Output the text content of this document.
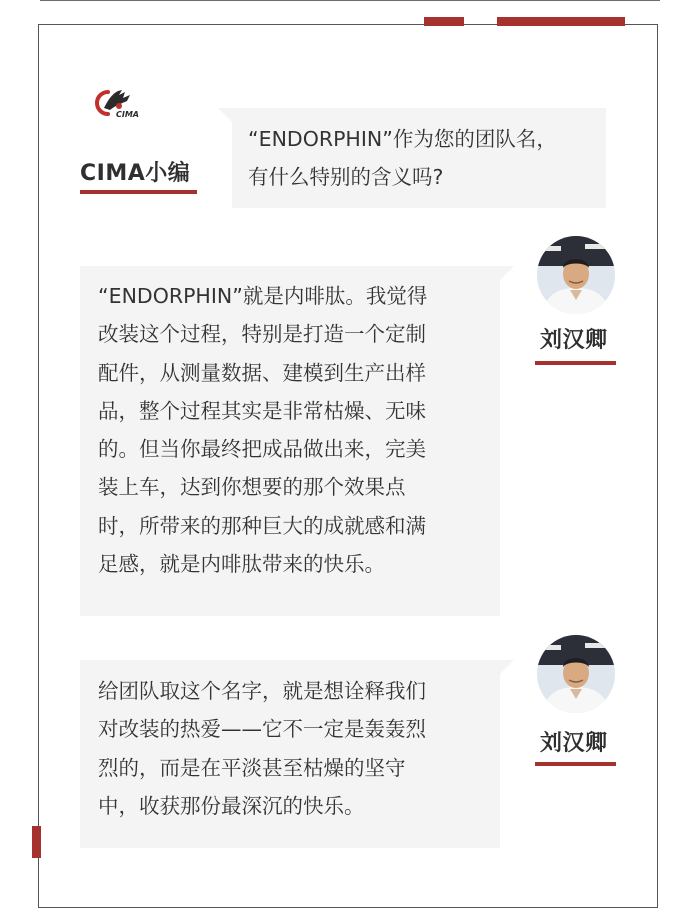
CIMA
CIMA小编
“ENDORPHIN”作为您的团队名，
有什么特别的含义吗?
“ENDORPHIN”就是内啡肽。我觉得
改装这个过程，特别是打造一个定制
配件，从测量数据、建模到生产出样
品，整个过程其实是非常枯燥、无味
的。但当你最终把成品做出来，完美
装上车，达到你想要的那个效果点
时，所带来的那种巨大的成就感和满
足感，就是内啡肽带来的快乐。
刘汉卿
给团队取这个名字，就是想诠释我们
对改装的热爱——它不一定是轰轰烈
烈的，而是在平淡甚至枯燥的坚守
中，收获那份最深沉的快乐。
刘汉卿
